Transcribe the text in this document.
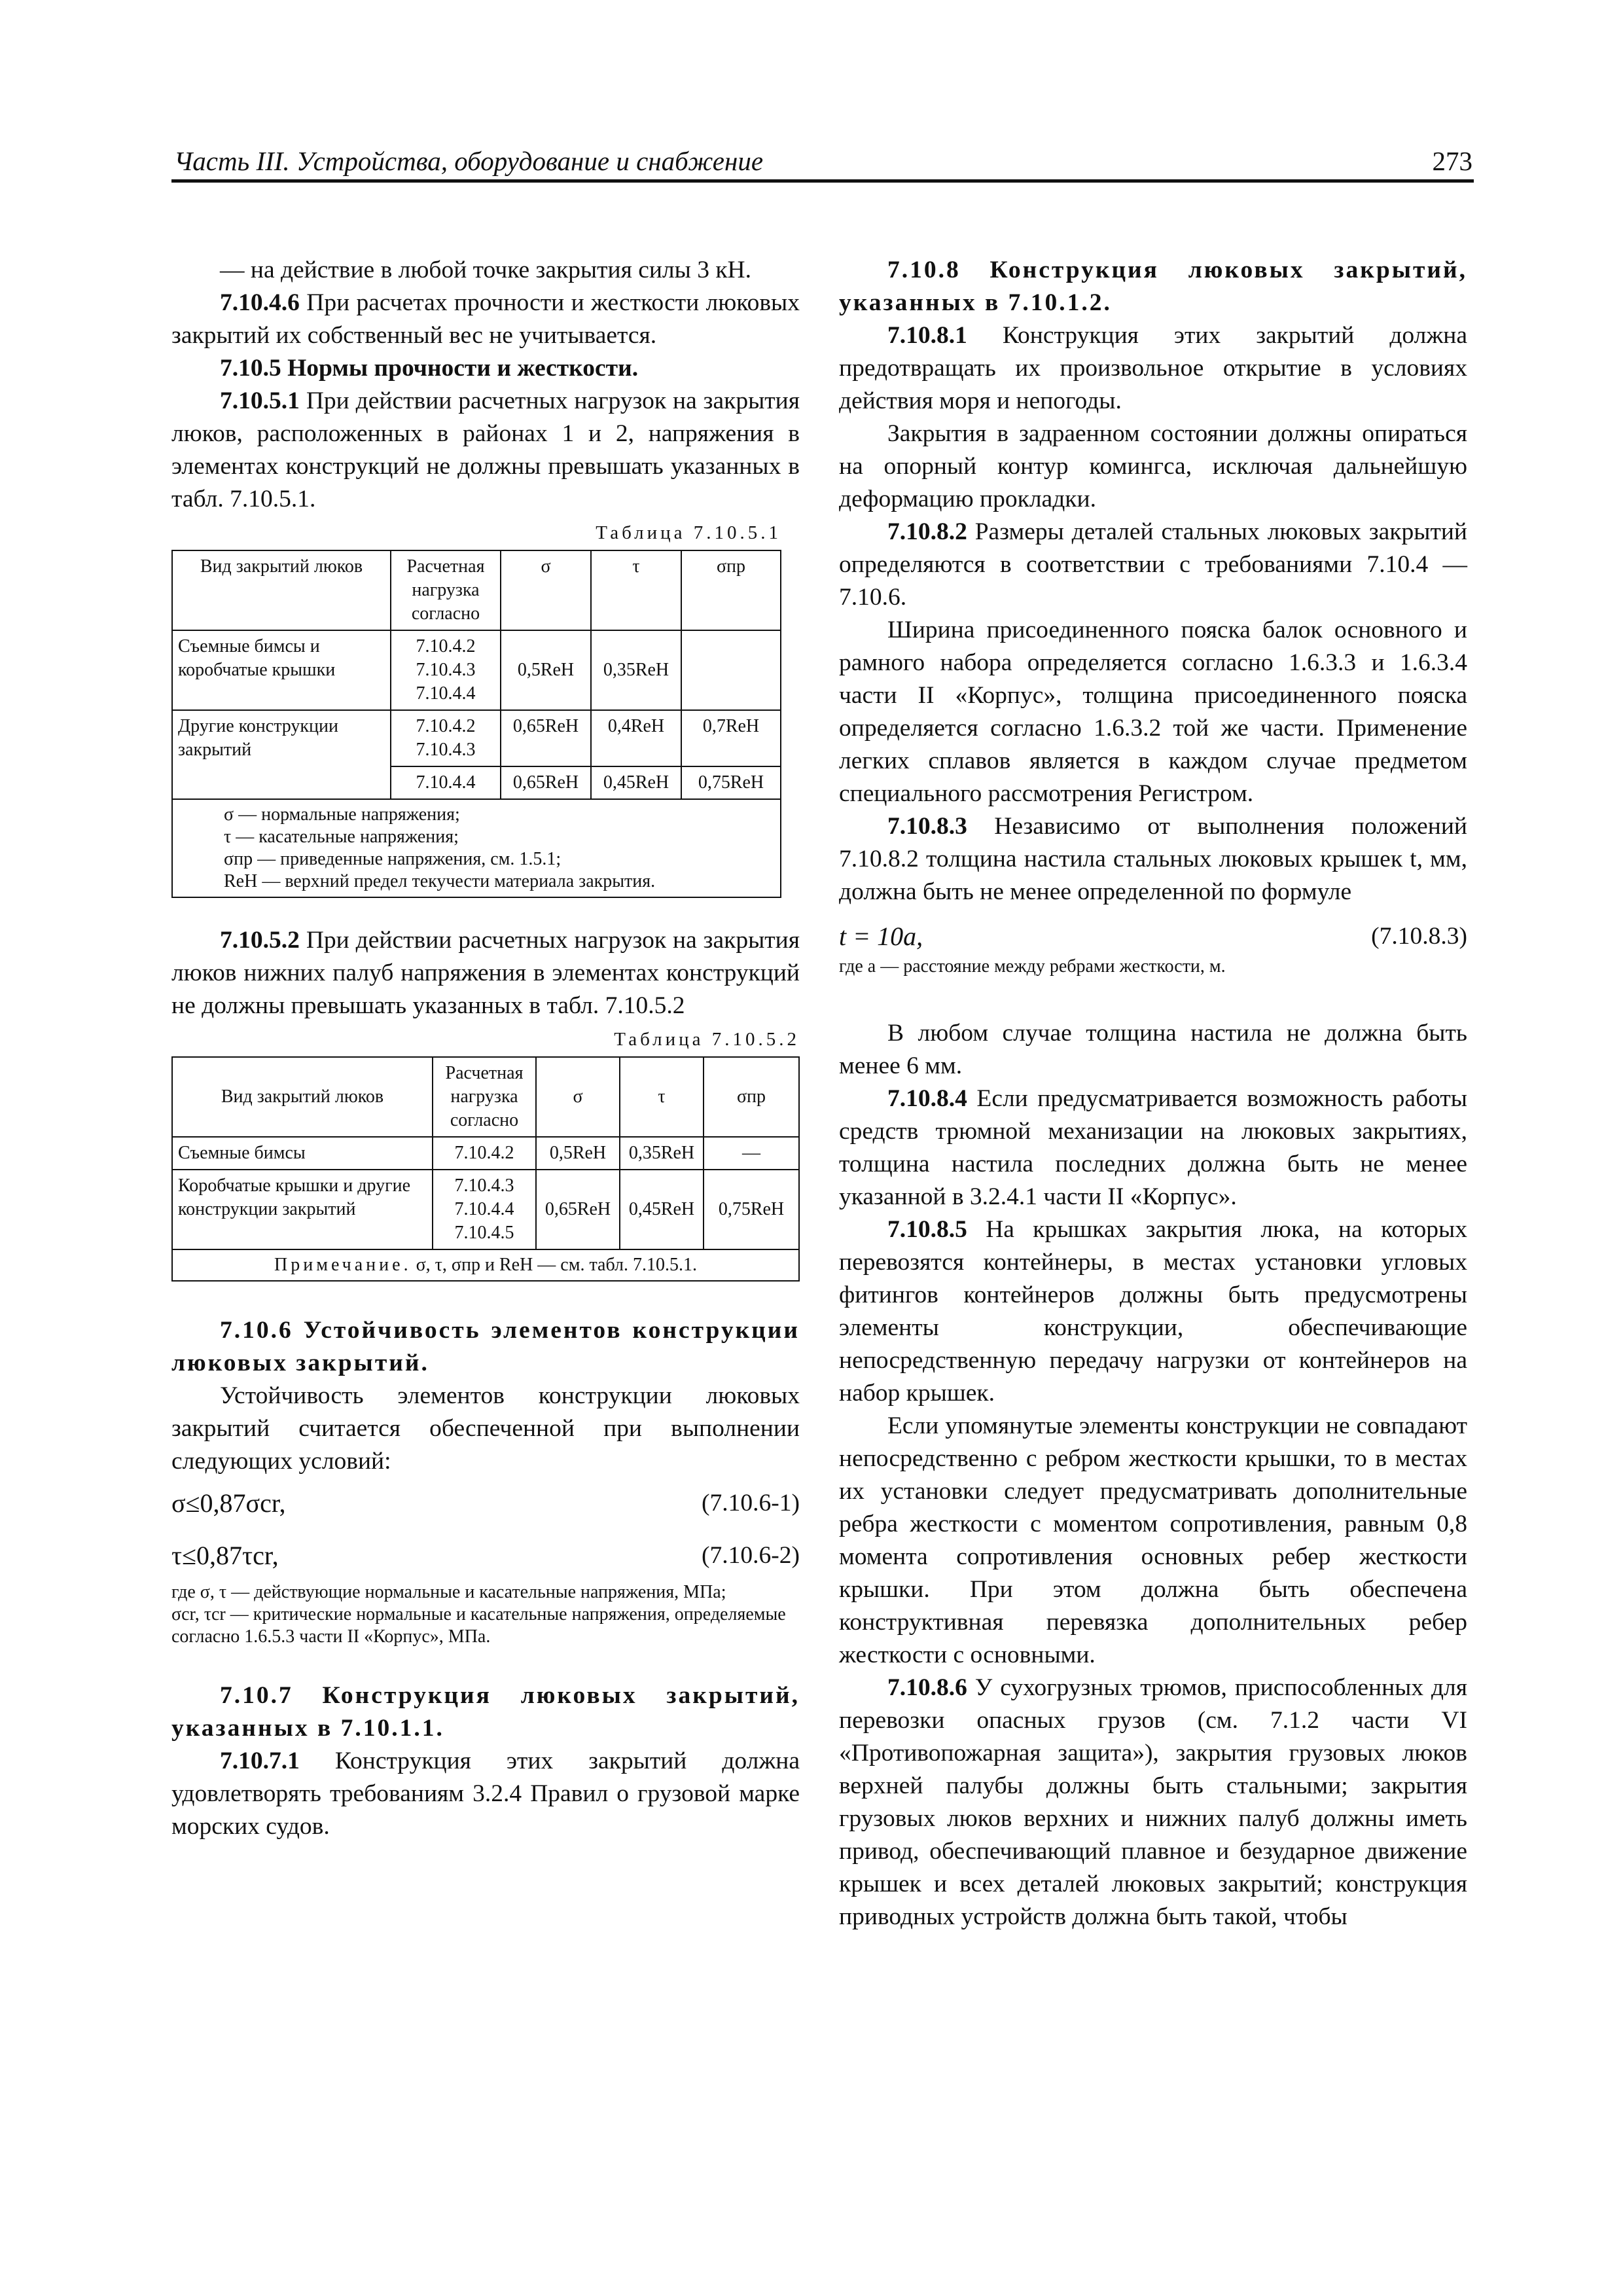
Часть III. Устройства, оборудование и снабжение	273

— на действие в любой точке закрытия силы 3 кН.

7.10.4.6 При расчетах прочности и жесткости люковых закрытий их собственный вес не учитывается.

7.10.5 Нормы прочности и жесткости.

7.10.5.1 При действии расчетных нагрузок на закрытия люков, расположенных в районах 1 и 2, напряжения в элементах конструкций не должны превышать указанных в табл. 7.10.5.1.

Таблица 7.10.5.1
Вид закрытий люков	Расчетная нагрузка согласно	σ	τ	σпр
Съемные бимсы и коробчатые крышки	7.10.4.2
7.10.4.3
7.10.4.4	0,5ReH	0,35ReH	
Другие конструкции закрытий	7.10.4.2
7.10.4.3	0,65ReH	0,4ReH	0,7ReH
	7.10.4.4	0,65ReH	0,45ReH	0,75ReH

σ — нормальные напряжения;
τ — касательные напряжения;
σпр — приведенные напряжения, см. 1.5.1;
ReH — верхний предел текучести материала закрытия.				

7.10.5.2 При действии расчетных нагрузок на закрытия люков нижних палуб напряжения в элементах конструкций не должны превышать указанных в табл. 7.10.5.2

Таблица 7.10.5.2
Вид закрытий люков	Расчетная нагрузка согласно	σ	τ	σпр
Съемные бимсы	7.10.4.2	0,5ReH	0,35ReH	—
Коробчатые крышки и другие конструкции закрытий	7.10.4.3
7.10.4.4
7.10.4.5	0,65ReH	0,45ReH	0,75ReH
Примечание. σ, τ, σпр и ReH — см. табл. 7.10.5.1.				

7.10.6 Устойчивость элементов конструкции люковых закрытий.

Устойчивость элементов конструкции люковых закрытий считается обеспеченной при выполнении следующих условий:

σ≤0,87σcr,	(7.10.6-1)
τ≤0,87τcr,	(7.10.6-2)
где σ, τ — действующие нормальные и касательные напряжения, МПа;
σcr, τcr — критические нормальные и касательные напряжения, определяемые согласно 1.6.5.3 части II «Корпус», МПа.

7.10.7 Конструкция люковых закрытий, указанных в 7.10.1.1.

7.10.7.1 Конструкция этих закрытий должна удовлетворять требованиям 3.2.4 Правил о грузовой марке морских судов.

7.10.8 Конструкция люковых закрытий, указанных в 7.10.1.2.

7.10.8.1 Конструкция этих закрытий должна предотвращать их произвольное открытие в условиях действия моря и непогоды.

Закрытия в задраенном состоянии должны опираться на опорный контур комингса, исключая дальнейшую деформацию прокладки.

7.10.8.2 Размеры деталей стальных люковых закрытий определяются в соответствии с требованиями 7.10.4 — 7.10.6.

Ширина присоединенного пояска балок основного и рамного набора определяется согласно 1.6.3.3 и 1.6.3.4 части II «Корпус», толщина присоединенного пояска определяется согласно 1.6.3.2 той же части. Применение легких сплавов является в каждом случае предметом специального рассмотрения Регистром.

7.10.8.3 Независимо от выполнения положений 7.10.8.2 толщина настила стальных люковых крышек t, мм, должна быть не менее определенной по формуле

t = 10a,	(7.10.8.3)
где a — расстояние между ребрами жесткости, м.

В любом случае толщина настила не должна быть менее 6 мм.

7.10.8.4 Если предусматривается возможность работы средств трюмной механизации на люковых закрытиях, толщина настила последних должна быть не менее указанной в 3.2.4.1 части II «Корпус».

7.10.8.5 На крышках закрытия люка, на которых перевозятся контейнеры, в местах установки угловых фитингов контейнеров должны быть предусмотрены элементы конструкции, обеспечивающие непосредственную передачу нагрузки от контейнеров на набор крышек.

Если упомянутые элементы конструкции не совпадают непосредственно с ребром жесткости крышки, то в местах их установки следует предусматривать дополнительные ребра жесткости с моментом сопротивления, равным 0,8 момента сопротивления основных ребер жесткости крышки. При этом должна быть обеспечена конструктивная перевязка дополнительных ребер жесткости с основными.

7.10.8.6 У сухогрузных трюмов, приспособленных для перевозки опасных грузов (см. 7.1.2 части VI «Противопожарная защита»), закрытия грузовых люков верхней палубы должны быть стальными; закрытия грузовых люков верхних и нижних палуб должны иметь привод, обеспечивающий плавное и безударное движение крышек и всех деталей люковых закрытий; конструкция приводных устройств должна быть такой, чтобы
